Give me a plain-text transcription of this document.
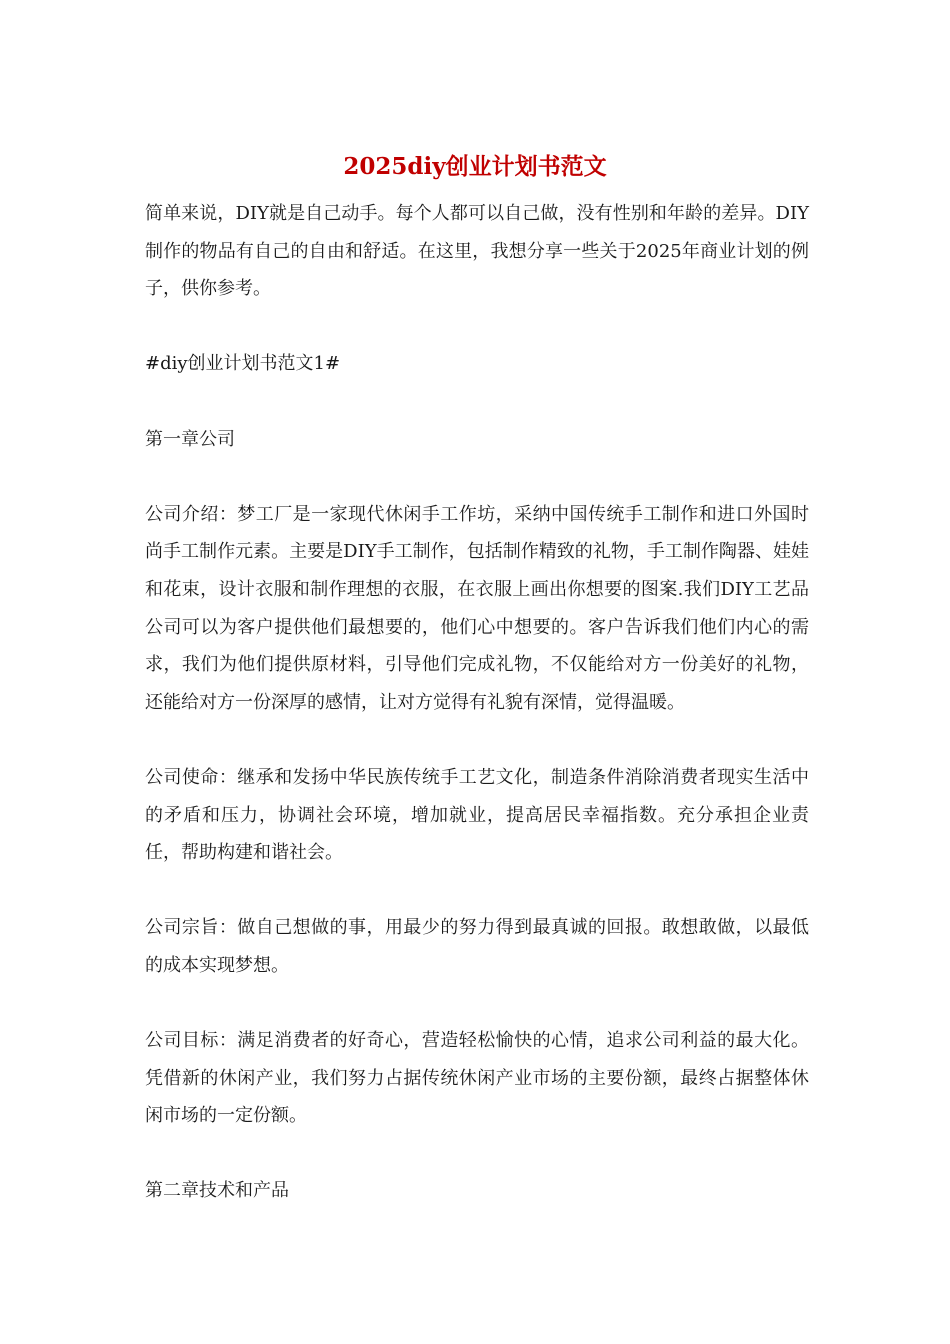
2025diy创业计划书范文

简单来说，DIY就是自己动手。每个人都可以自己做，没有性别和年龄的差异。DIY制作的物品有自己的自由和舒适。在这里，我想分享一些关于2025年商业计划的例子，供你参考。

#diy创业计划书范文1#

第一章公司

公司介绍：梦工厂是一家现代休闲手工作坊，采纳中国传统手工制作和进口外国时尚手工制作元素。主要是DIY手工制作，包括制作精致的礼物，手工制作陶器、娃娃和花束，设计衣服和制作理想的衣服，在衣服上画出你想要的图案.我们DIY工艺品公司可以为客户提供他们最想要的，他们心中想要的。客户告诉我们他们内心的需求，我们为他们提供原材料，引导他们完成礼物，不仅能给对方一份美好的礼物，还能给对方一份深厚的感情，让对方觉得有礼貌有深情，觉得温暖。

公司使命：继承和发扬中华民族传统手工艺文化，制造条件消除消费者现实生活中的矛盾和压力，协调社会环境，增加就业，提高居民幸福指数。充分承担企业责任，帮助构建和谐社会。

公司宗旨：做自己想做的事，用最少的努力得到最真诚的回报。敢想敢做，以最低的成本实现梦想。

公司目标：满足消费者的好奇心，营造轻松愉快的心情，追求公司利益的最大化。凭借新的休闲产业，我们努力占据传统休闲产业市场的主要份额，最终占据整体休闲市场的一定份额。

第二章技术和产品
